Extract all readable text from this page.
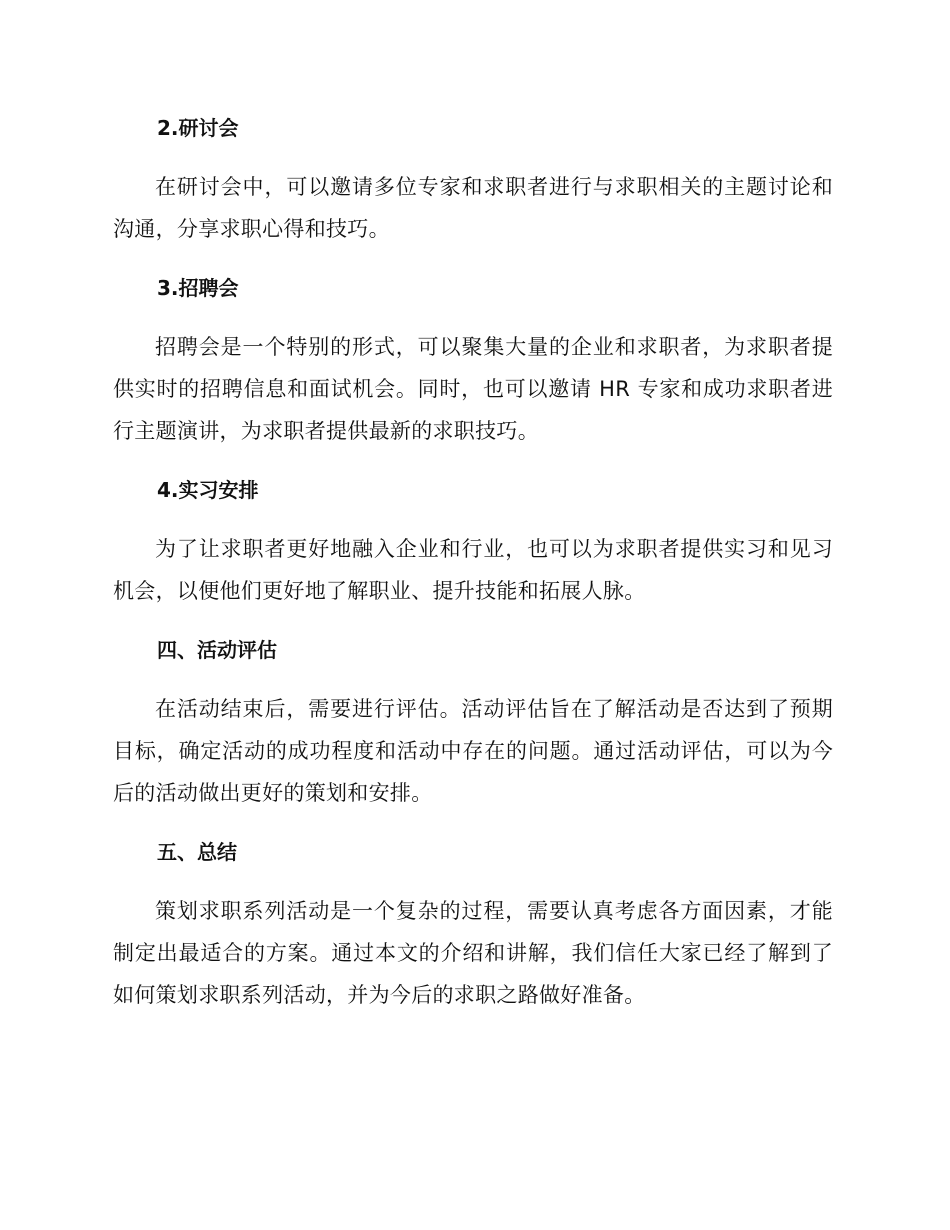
2.研讨会

在研讨会中，可以邀请多位专家和求职者进行与求职相关的主题讨论和沟通，分享求职心得和技巧。

3.招聘会

招聘会是一个特别的形式，可以聚集大量的企业和求职者，为求职者提供实时的招聘信息和面试机会。同时，也可以邀请 HR 专家和成功求职者进行主题演讲，为求职者提供最新的求职技巧。

4.实习安排

为了让求职者更好地融入企业和行业，也可以为求职者提供实习和见习机会，以便他们更好地了解职业、提升技能和拓展人脉。

四、活动评估

在活动结束后，需要进行评估。活动评估旨在了解活动是否达到了预期目标，确定活动的成功程度和活动中存在的问题。通过活动评估，可以为今后的活动做出更好的策划和安排。

五、总结

策划求职系列活动是一个复杂的过程，需要认真考虑各方面因素，才能制定出最适合的方案。通过本文的介绍和讲解，我们信任大家已经了解到了如何策划求职系列活动，并为今后的求职之路做好准备。
